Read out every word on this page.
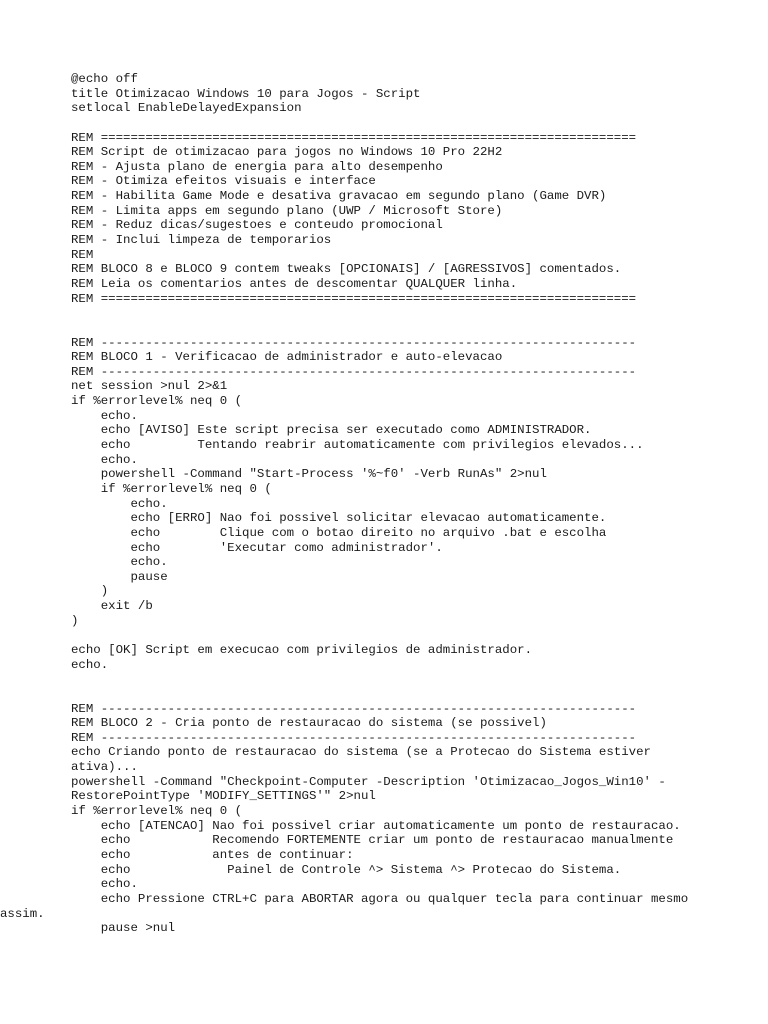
@echo off
title Otimizacao Windows 10 para Jogos - Script
setlocal EnableDelayedExpansion
REM ========================================================================
REM Script de otimizacao para jogos no Windows 10 Pro 22H2
REM - Ajusta plano de energia para alto desempenho
REM - Otimiza efeitos visuais e interface
REM - Habilita Game Mode e desativa gravacao em segundo plano (Game DVR)
REM - Limita apps em segundo plano (UWP / Microsoft Store)
REM - Reduz dicas/sugestoes e conteudo promocional
REM - Inclui limpeza de temporarios
REM
REM BLOCO 8 e BLOCO 9 contem tweaks [OPCIONAIS] / [AGRESSIVOS] comentados.
REM Leia os comentarios antes de descomentar QUALQUER linha.
REM ========================================================================
REM ------------------------------------------------------------------------
REM BLOCO 1 - Verificacao de administrador e auto-elevacao
REM ------------------------------------------------------------------------
net session >nul 2>&1
if %errorlevel% neq 0 (
echo.
echo [AVISO] Este script precisa ser executado como ADMINISTRADOR.
echo         Tentando reabrir automaticamente com privilegios elevados...
echo.
powershell -Command "Start-Process '%~f0' -Verb RunAs" 2>nul
if %errorlevel% neq 0 (
echo.
echo [ERRO] Nao foi possivel solicitar elevacao automaticamente.
echo        Clique com o botao direito no arquivo .bat e escolha
echo        'Executar como administrador'.
echo.
pause
)
exit /b
)
echo [OK] Script em execucao com privilegios de administrador.
echo.
REM ------------------------------------------------------------------------
REM BLOCO 2 - Cria ponto de restauracao do sistema (se possivel)
REM ------------------------------------------------------------------------
echo Criando ponto de restauracao do sistema (se a Protecao do Sistema estiver
ativa)...
powershell -Command "Checkpoint-Computer -Description 'Otimizacao_Jogos_Win10' -
RestorePointType 'MODIFY_SETTINGS'" 2>nul
if %errorlevel% neq 0 (
echo [ATENCAO] Nao foi possivel criar automaticamente um ponto de restauracao.
echo           Recomendo FORTEMENTE criar um ponto de restauracao manualmente
echo           antes de continuar:
echo             Painel de Controle ^> Sistema ^> Protecao do Sistema.
echo.
echo Pressione CTRL+C para ABORTAR agora ou qualquer tecla para continuar mesmo
assim.
pause >nul
